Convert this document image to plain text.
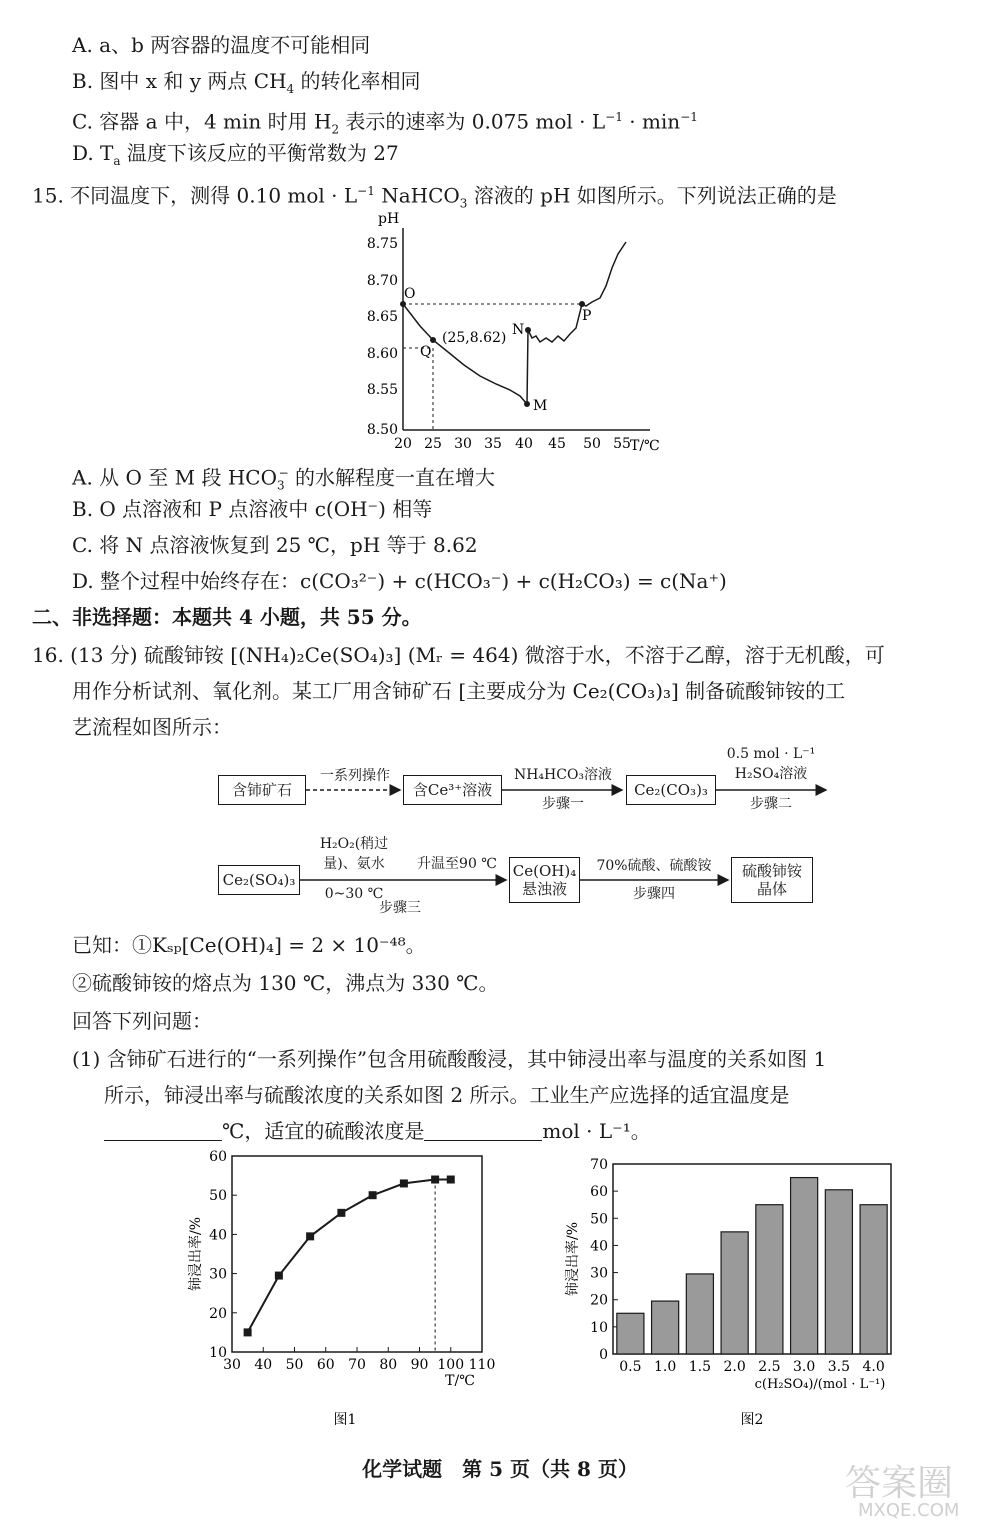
A. a、b 两容器的温度不可能相同
B. 图中 x 和 y 两点 $CH_4$ 的转化率相同
C. 容器 a 中，4 min 时用 $H_2$ 表示的速率为 0.075 mol · $L^{-1} \cdot \min^{-1}$
D. $T_a$ 温度下该反应的平衡常数为 27
15. 不同温度下，测得 0.10 mol · $L^{-1}$ NaHCO$_3$ 溶液的 pH 如图所示。下列说法正确的是
pH
T/℃
8.75
8.70
8.65
8.60
8.55
8.50
20 25 30 35 40 45 50 55
O
Q
(25,8.62) N
M
P
A. 从 O 至 M 段 $HCO_3^-$ 的水解程度一直在增大
B. O 点溶液和 P 点溶液中 c(OH⁻) 相等
C. 将 N 点溶液恢复到 25 ℃，pH 等于 8.62
D. 整个过程中始终存在：c(CO₃²⁻) + c(HCO₃⁻) + c(H₂CO₃) = c(Na⁺)
二、非选择题：本题共 4 小题，共 55 分。
16. (13 分) 硫酸铈铵 [(NH₄)₂Ce(SO₄)₃] (Mᵣ = 464) 微溶于水，不溶于乙醇，溶于无机酸，可
用作分析试剂、氧化剂。某工厂用含铈矿石 [主要成分为 Ce₂(CO₃)₃] 制备硫酸铈铵的工
艺流程如图所示：
含铈矿石
一系列操作
含Ce³⁺溶液
NH₄HCO₃溶液
步骤一
Ce₂(CO₃)₃
0.5 mol · L⁻¹
H₂SO₄溶液
步骤二
Ce₂(SO₄)₃
H₂O₂(稍过
量)、氨水
0~30 ℃
升温至90 ℃
步骤三
Ce(OH)₄
悬浊液
70%硫酸、硫酸铵
步骤四
硫酸铈铵
晶体
已知：①Kₛₚ[Ce(OH)₄] = 2 × 10⁻⁴⁸。
②硫酸铈铵的熔点为 130 ℃，沸点为 330 ℃。
回答下列问题：
(1) 含铈矿石进行的“一系列操作”包含用硫酸酸浸，其中铈浸出率与温度的关系如图 1
所示，铈浸出率与硫酸浓度的关系如图 2 所示。工业生产应选择的适宜温度是
℃，适宜的硫酸浓度是	mol · L⁻¹。
10
20
30
40
50
60
30 40 50 60 70 80 90 100 110
T/℃
铈浸出率/%
图1
0
10
20
30
40
50
60
70
0.5 1.0 1.5 2.0 2.5 3.0 3.5 4.0
c(H₂SO₄)/(mol · L⁻¹)
铈浸出率/%
图2
化学试题　第 5 页（共 8 页）	答案圈
MXQE.COM
